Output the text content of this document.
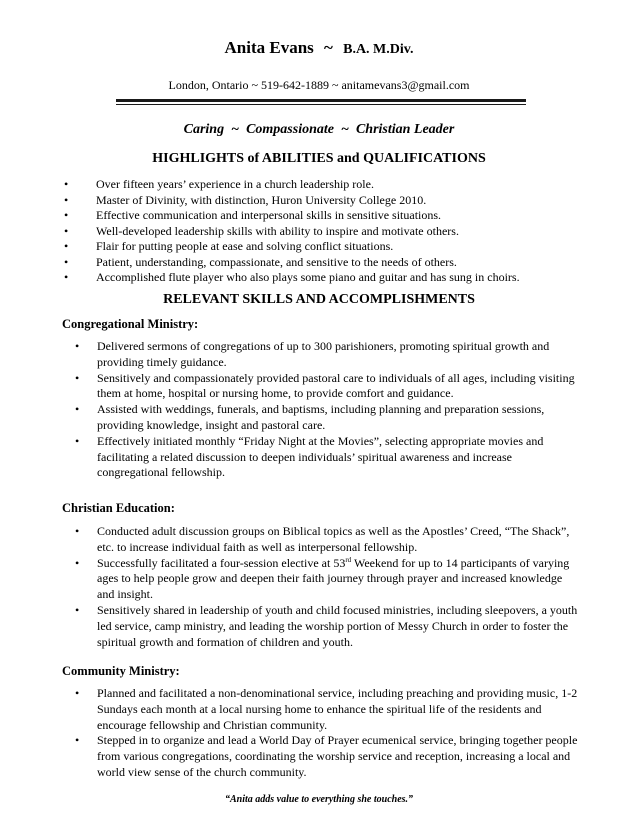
Anita Evans ~ B.A. M.Div.
London, Ontario ~ 519-642-1889 ~ anitamevans3@gmail.com
Caring  ~  Compassionate  ~  Christian Leader
HIGHLIGHTS of ABILITIES and QUALIFICATIONS
• Over fifteen years’ experience in a church leadership role.
• Master of Divinity, with distinction, Huron University College 2010.
• Effective communication and interpersonal skills in sensitive situations.
• Well-developed leadership skills with ability to inspire and motivate others.
• Flair for putting people at ease and solving conflict situations.
• Patient, understanding, compassionate, and sensitive to the needs of others.
• Accomplished flute player who also plays some piano and guitar and has sung in choirs.
RELEVANT SKILLS AND ACCOMPLISHMENTS
Congregational Ministry:
• Delivered sermons of congregations of up to 300 parishioners, promoting spiritual growth and providing timely guidance.
• Sensitively and compassionately provided pastoral care to individuals of all ages, including visiting them at home, hospital or nursing home, to provide comfort and guidance.
• Assisted with weddings, funerals, and baptisms, including planning and preparation sessions, providing knowledge, insight and pastoral care.
• Effectively initiated monthly “Friday Night at the Movies”, selecting appropriate movies and facilitating a related discussion to deepen individuals’ spiritual awareness and increase congregational fellowship.
Christian Education:
• Conducted adult discussion groups on Biblical topics as well as the Apostles’ Creed, “The Shack”, etc. to increase individual faith as well as interpersonal fellowship.
• Successfully facilitated a four-session elective at 53rd Weekend for up to 14 participants of varying ages to help people grow and deepen their faith journey through prayer and increased knowledge and insight.
• Sensitively shared in leadership of youth and child focused ministries, including sleepovers, a youth led service, camp ministry, and leading the worship portion of Messy Church in order to foster the spiritual growth and formation of children and youth.
Community Ministry:
• Planned and facilitated a non-denominational service, including preaching and providing music, 1-2 Sundays each month at a local nursing home to enhance the spiritual life of the residents and encourage fellowship and Christian community.
• Stepped in to organize and lead a World Day of Prayer ecumenical service, bringing together people from various congregations, coordinating the worship service and reception, increasing a local and world view sense of the church community.
“Anita adds value to everything she touches.”
